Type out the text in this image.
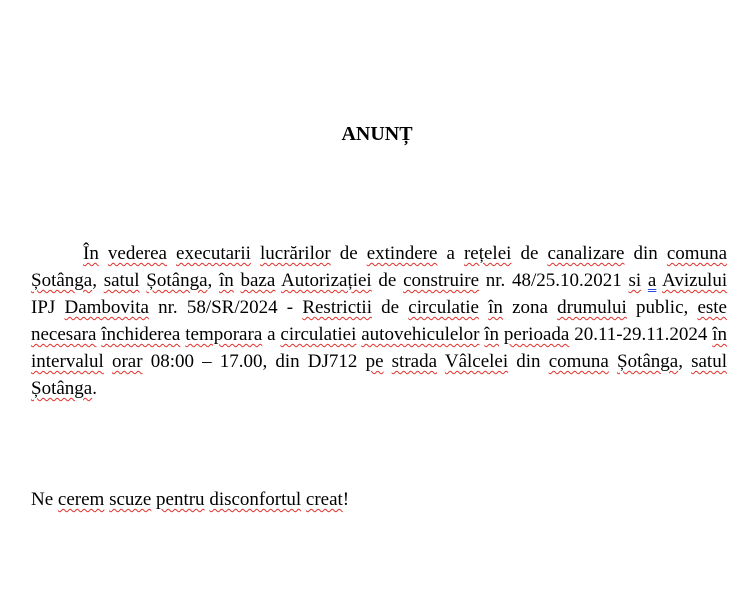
ANUNȚ

În vederea executarii lucrărilor de extindere a rețelei de canalizare din comuna Șotânga, satul Șotânga, în baza Autorizației de construire nr. 48/25.10.2021 si a Avizului IPJ Dambovita nr. 58/SR/2024 - Restrictii de circulatie în zona drumului public, este necesara închiderea temporara a circulatiei autovehiculelor în perioada 20.11-29.11.2024 în intervalul orar 08:00 – 17.00, din DJ712 pe strada Vâlcelei din comuna Șotânga, satul Șotânga.

Ne cerem scuze pentru disconfortul creat!
